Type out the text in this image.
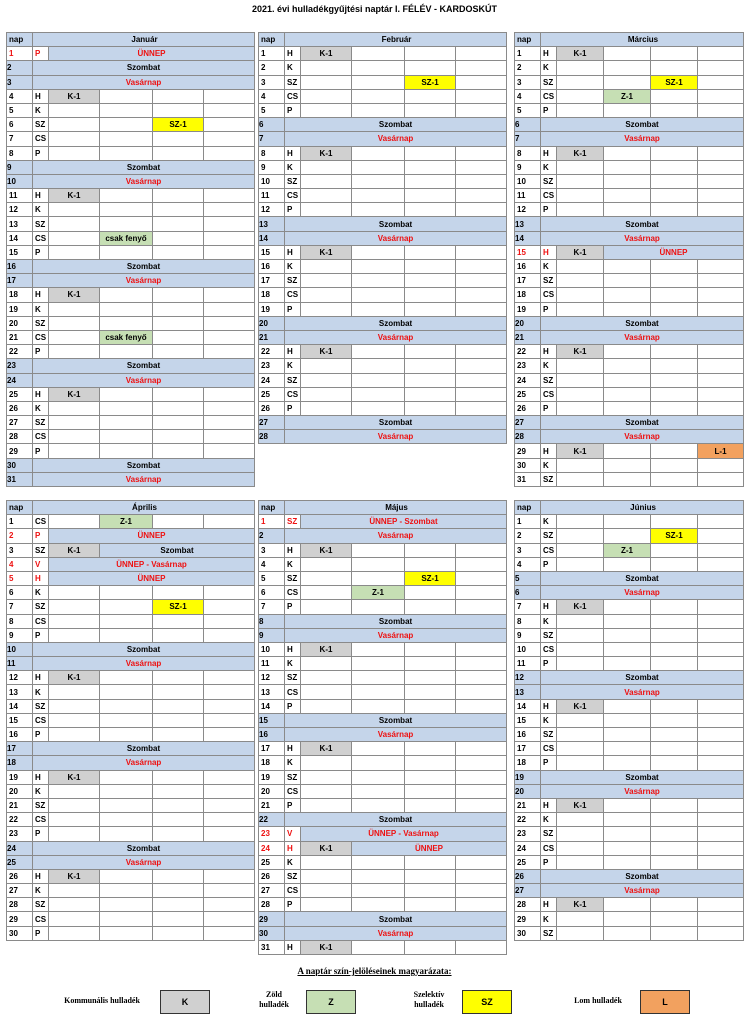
2021. évi hulladékgyűjtési naptár I. FÉLÉV - KARDOSKÚT
nap	Január				
1	P	ÜNNEP			
2	Szombat				
3	Vasárnap				
4	H	K-1			
5	K				
6	SZ			SZ-1	
7	CS				
8	P				
9	Szombat				
10	Vasárnap				
11	H	K-1			
12	K				
13	SZ				
14	CS		csak fenyő		
15	P				
16	Szombat				
17	Vasárnap				
18	H	K-1			
19	K				
20	SZ				
21	CS		csak fenyő		
22	P				
23	Szombat				
24	Vasárnap				
25	H	K-1			
26	K				
27	SZ				
28	CS				
29	P				
30	Szombat				
31	Vasárnap				
nap	Február				
1	H	K-1			
2	K				
3	SZ			SZ-1	
4	CS				
5	P				
6	Szombat				
7	Vasárnap				
8	H	K-1			
9	K				
10	SZ				
11	CS				
12	P				
13	Szombat				
14	Vasárnap				
15	H	K-1			
16	K				
17	SZ				
18	CS				
19	P				
20	Szombat				
21	Vasárnap				
22	H	K-1			
23	K				
24	SZ				
25	CS				
26	P				
27	Szombat				
28	Vasárnap				
nap	Március				
1	H	K-1			
2	K				
3	SZ			SZ-1	
4	CS		Z-1		
5	P				
6	Szombat				
7	Vasárnap				
8	H	K-1			
9	K				
10	SZ				
11	CS				
12	P				
13	Szombat				
14	Vasárnap				
15	H	K-1	ÜNNEP		
16	K				
17	SZ				
18	CS				
19	P				
20	Szombat				
21	Vasárnap				
22	H	K-1			
23	K				
24	SZ				
25	CS				
26	P				
27	Szombat				
28	Vasárnap				
29	H	K-1			L-1
30	K				
31	SZ				
nap	Április				
1	CS		Z-1		
2	P	ÜNNEP			
3	SZ	K-1	Szombat		
4	V	ÜNNEP - Vasárnap			
5	H	ÜNNEP			
6	K				
7	SZ			SZ-1	
8	CS				
9	P				
10	Szombat				
11	Vasárnap				
12	H	K-1			
13	K				
14	SZ				
15	CS				
16	P				
17	Szombat				
18	Vasárnap				
19	H	K-1			
20	K				
21	SZ				
22	CS				
23	P				
24	Szombat				
25	Vasárnap				
26	H	K-1			
27	K				
28	SZ				
29	CS				
30	P				
nap	Május				
1	SZ	ÜNNEP - Szombat			
2	Vasárnap				
3	H	K-1			
4	K				
5	SZ			SZ-1	
6	CS		Z-1		
7	P				
8	Szombat				
9	Vasárnap				
10	H	K-1			
11	K				
12	SZ				
13	CS				
14	P				
15	Szombat				
16	Vasárnap				
17	H	K-1			
18	K				
19	SZ				
20	CS				
21	P				
22	Szombat				
23	V	ÜNNEP - Vasárnap			
24	H	K-1	ÜNNEP		
25	K				
26	SZ				
27	CS				
28	P				
29	Szombat				
30	Vasárnap				
31	H	K-1			
nap	Június				
1	K				
2	SZ			SZ-1	
3	CS		Z-1		
4	P				
5	Szombat				
6	Vasárnap				
7	H	K-1			
8	K				
9	SZ				
10	CS				
11	P				
12	Szombat				
13	Vasárnap				
14	H	K-1			
15	K				
16	SZ				
17	CS				
18	P				
19	Szombat				
20	Vasárnap				
21	H	K-1			
22	K				
23	SZ				
24	CS				
25	P				
26	Szombat				
27	Vasárnap				
28	H	K-1			
29	K				
30	SZ				
A naptár szín-jelöléseinek magyarázata:
Kommunális hulladék	K
Zöld hulladék	Z
Szelektív hulladék	SZ	Lom hulladék	L
